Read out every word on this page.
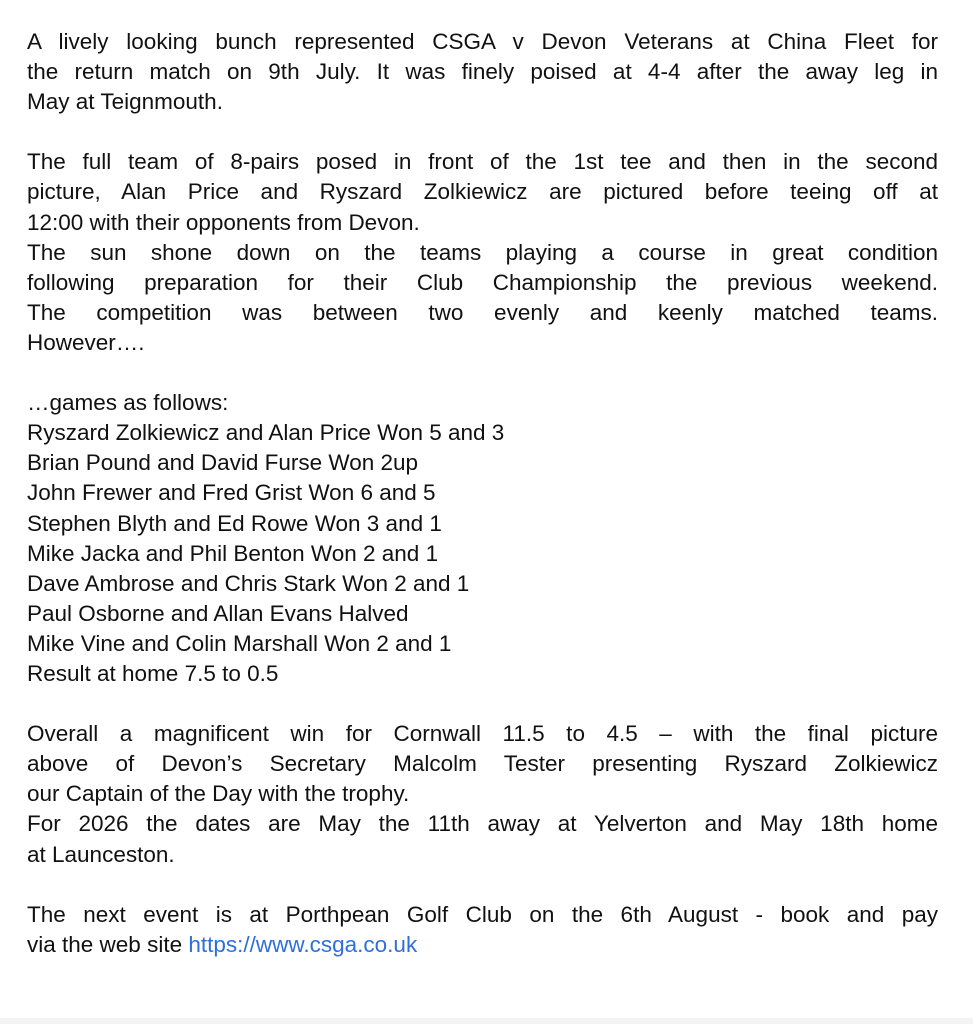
A lively looking bunch represented CSGA v Devon Veterans at China Fleet for
the return match on 9th July. It was finely poised at 4-4 after the away leg in
May at Teignmouth.

The full team of 8-pairs posed in front of the 1st tee and then in the second
picture, Alan Price and Ryszard Zolkiewicz are pictured before teeing off at
12:00 with their opponents from Devon.

The sun shone down on the teams playing a course in great condition
following preparation for their Club Championship the previous weekend.
The competition was between two evenly and keenly matched teams.
However….

…games as follows:
Ryszard Zolkiewicz and Alan Price Won 5 and 3
Brian Pound and David Furse Won 2up
John Frewer and Fred Grist Won 6 and 5
Stephen Blyth and Ed Rowe Won 3 and 1
Mike Jacka and Phil Benton Won 2 and 1
Dave Ambrose and Chris Stark Won 2 and 1
Paul Osborne and Allan Evans Halved
Mike Vine and Colin Marshall Won 2 and 1
Result at home 7.5 to 0.5

Overall a magnificent win for Cornwall 11.5 to 4.5 – with the final picture
above of Devon’s Secretary Malcolm Tester presenting Ryszard Zolkiewicz
our Captain of the Day with the trophy.

For 2026 the dates are May the 11th away at Yelverton and May 18th home
at Launceston.

The next event is at Porthpean Golf Club on the 6th August - book and pay
via the web site https://www.csga.co.uk
